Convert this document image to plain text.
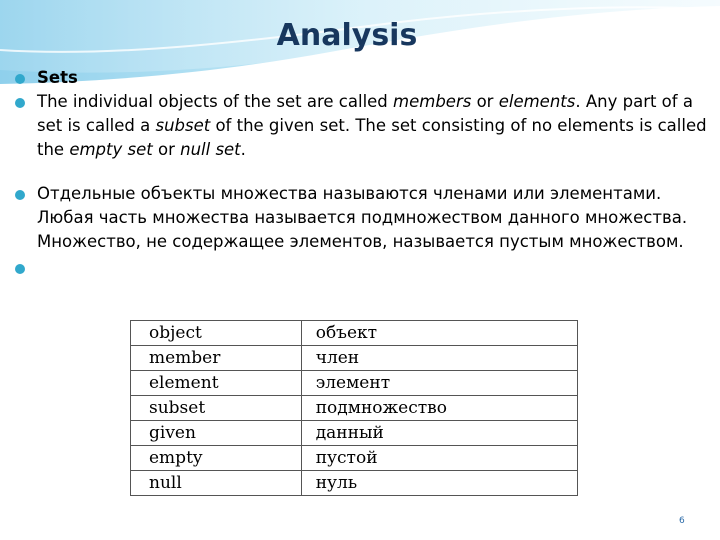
Analysis
Sets
The individual objects of the set are called members or elements. Any part of a set is called a subset of the given set. The set consisting of no elements is called the empty set or null set.
Отдельные объекты множества называются членами или элементами. Любая часть множества называется подмножеством данного множества. Множество, не содержащее элементов, называется пустым множеством.
object	объект
member	член
element	элемент
subset	подмножество
given	данный
empty	пустой
null	нуль
6
